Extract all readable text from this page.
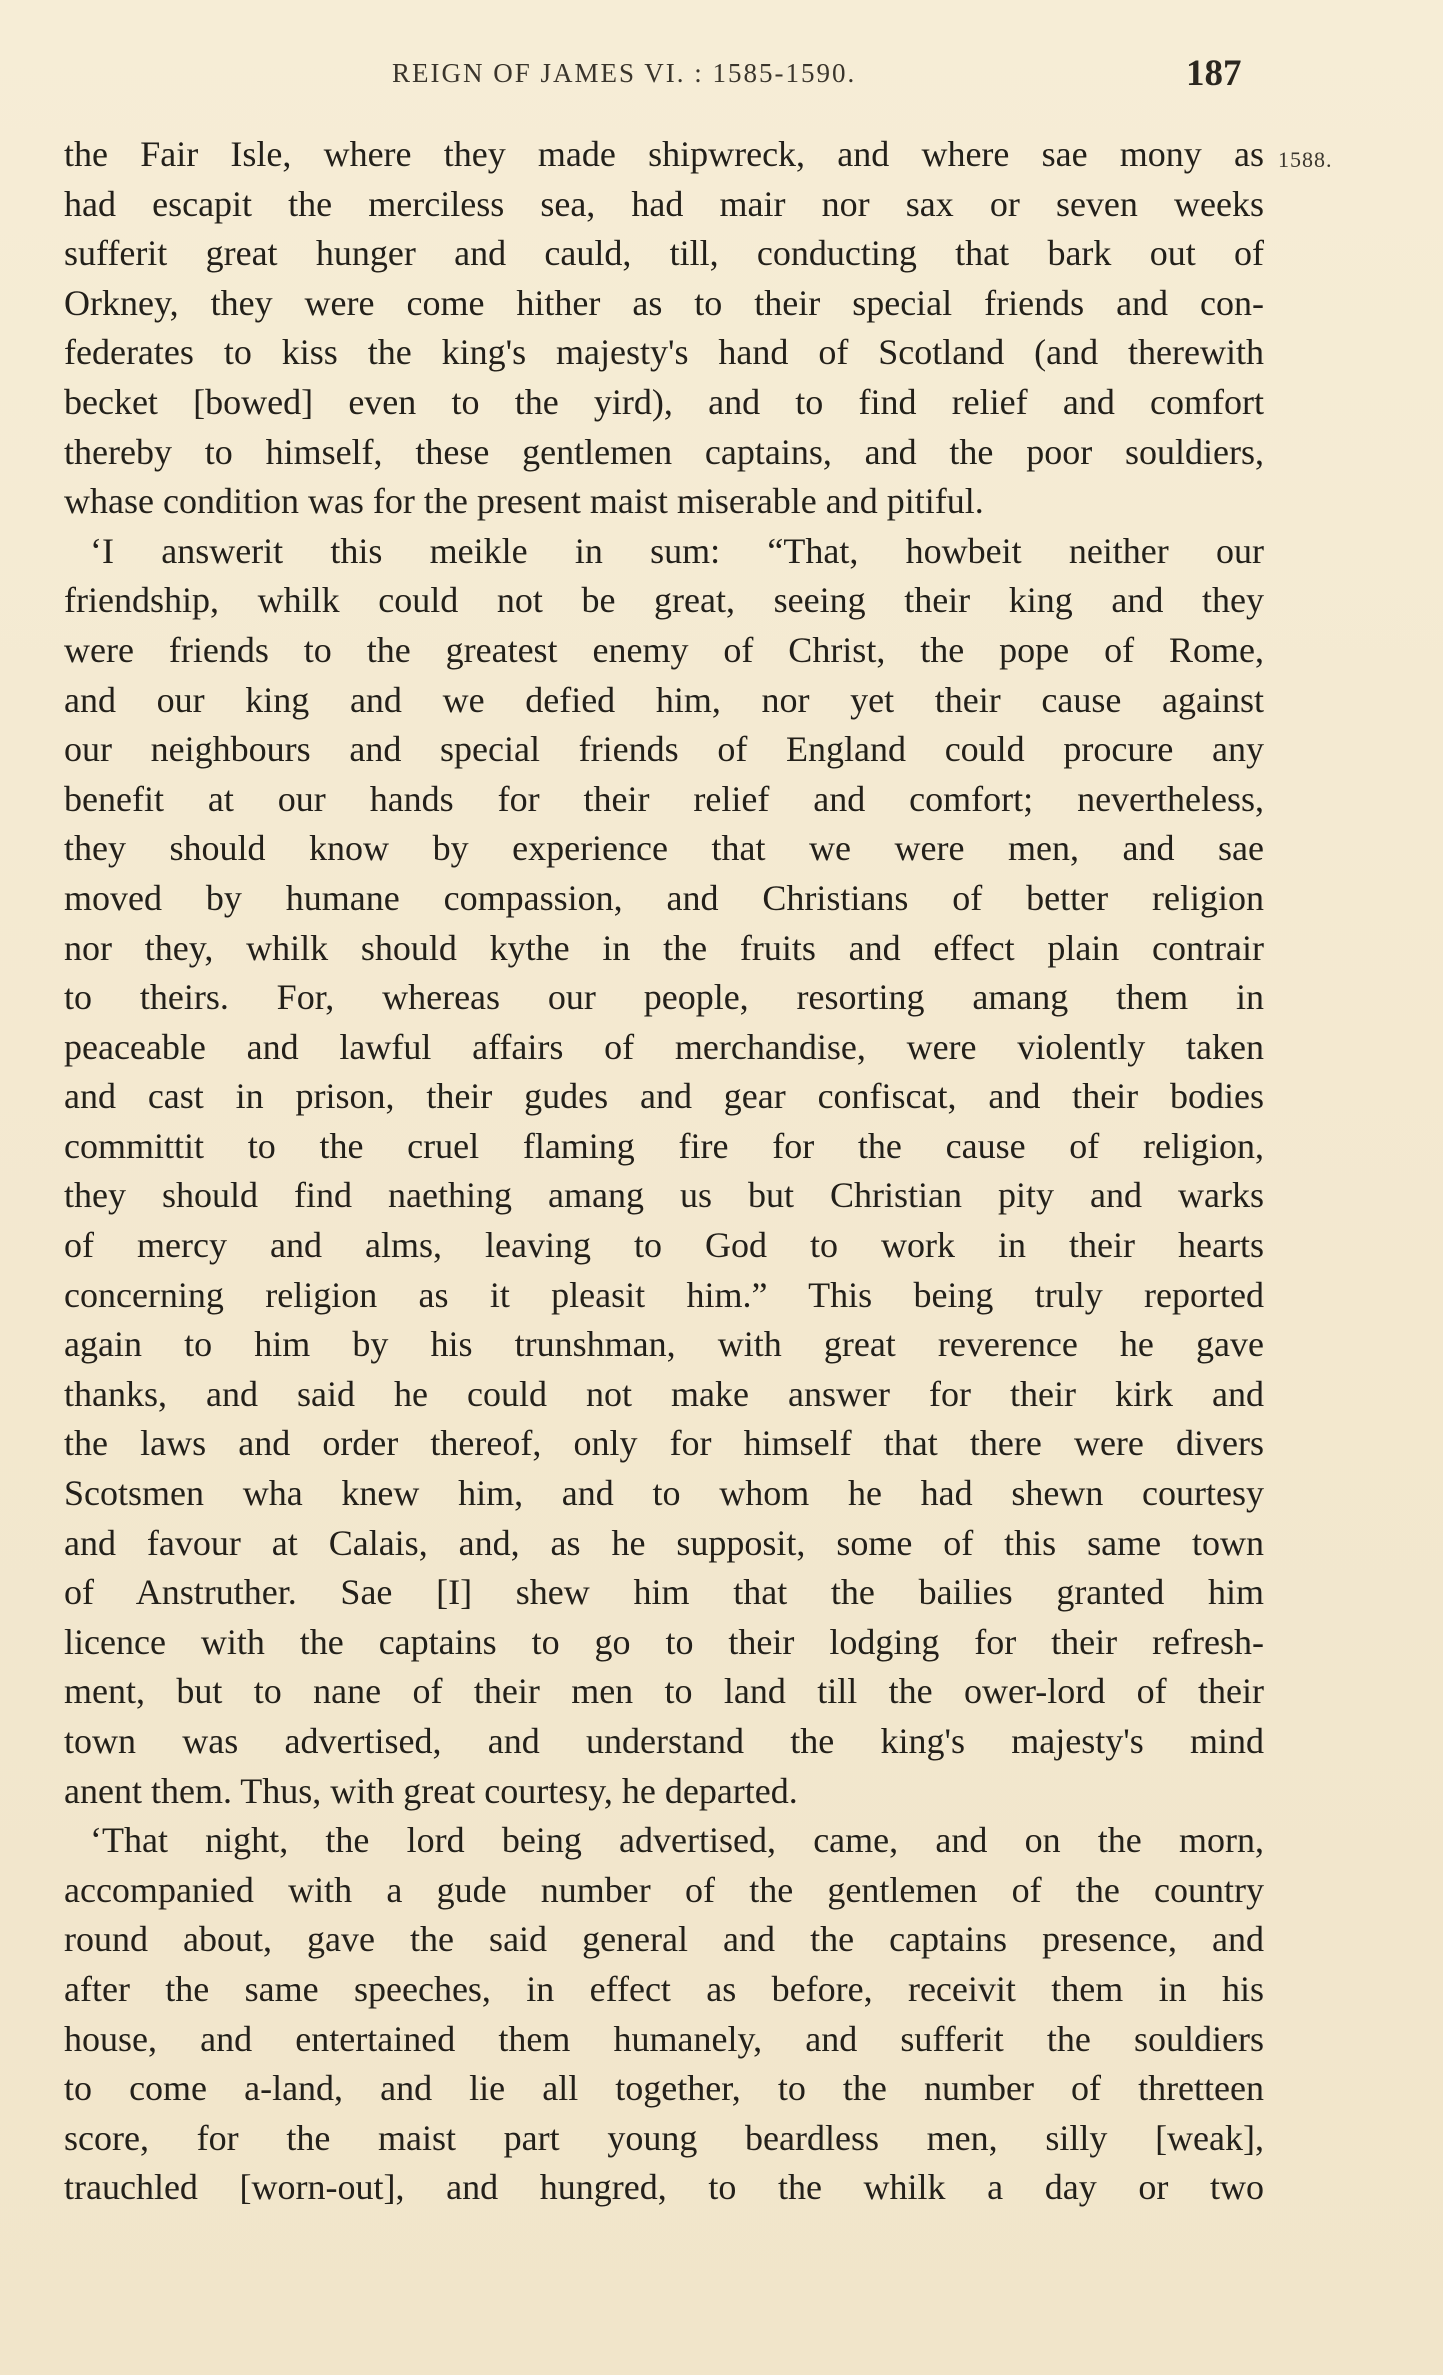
REIGN OF JAMES VI. : 1585-1590.	187
1588.
the Fair Isle, where they made shipwreck, and where sae mony as
had escapit the merciless sea, had mair nor sax or seven weeks
sufferit great hunger and cauld, till, conducting that bark out of
Orkney, they were come hither as to their special friends and con-
federates to kiss the king's majesty's hand of Scotland (and therewith
becket [bowed] even to the yird), and to find relief and comfort
thereby to himself, these gentlemen captains, and the poor souldiers,
whase condition was for the present maist miserable and pitiful.
‘I answerit this meikle in sum: “That, howbeit neither our
friendship, whilk could not be great, seeing their king and they
were friends to the greatest enemy of Christ, the pope of Rome,
and our king and we defied him, nor yet their cause against
our neighbours and special friends of England could procure any
benefit at our hands for their relief and comfort; nevertheless,
they should know by experience that we were men, and sae
moved by humane compassion, and Christians of better religion
nor they, whilk should kythe in the fruits and effect plain contrair
to theirs. For, whereas our people, resorting amang them in
peaceable and lawful affairs of merchandise, were violently taken
and cast in prison, their gudes and gear confiscat, and their bodies
committit to the cruel flaming fire for the cause of religion,
they should find naething amang us but Christian pity and warks
of mercy and alms, leaving to God to work in their hearts
concerning religion as it pleasit him.” This being truly reported
again to him by his trunshman, with great reverence he gave
thanks, and said he could not make answer for their kirk and
the laws and order thereof, only for himself that there were divers
Scotsmen wha knew him, and to whom he had shewn courtesy
and favour at Calais, and, as he supposit, some of this same town
of Anstruther. Sae [I] shew him that the bailies granted him
licence with the captains to go to their lodging for their refresh-
ment, but to nane of their men to land till the ower-lord of their
town was advertised, and understand the king's majesty's mind
anent them. Thus, with great courtesy, he departed.
‘That night, the lord being advertised, came, and on the morn,
accompanied with a gude number of the gentlemen of the country
round about, gave the said general and the captains presence, and
after the same speeches, in effect as before, receivit them in his
house, and entertained them humanely, and sufferit the souldiers
to come a-land, and lie all together, to the number of thretteen
score, for the maist part young beardless men, silly [weak],
trauchled [worn-out], and hungred, to the whilk a day or two
